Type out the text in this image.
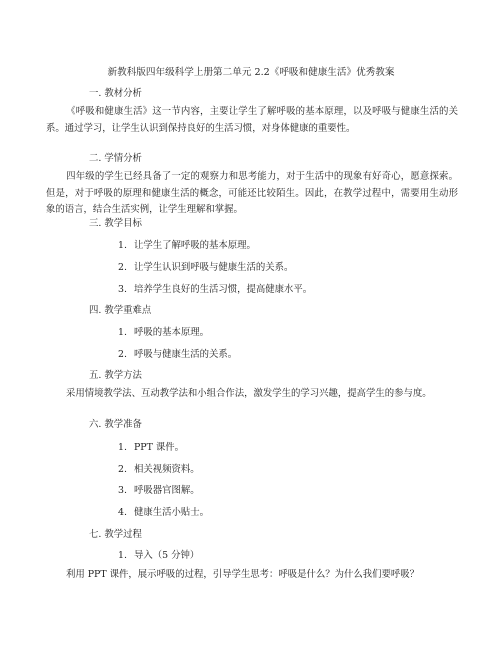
新教科版四年级科学上册第二单元 2.2《呼吸和健康生活》优秀教案
一. 教材分析
《呼吸和健康生活》这一节内容，主要让学生了解呼吸的基本原理，以及呼吸与健康生活的关系。通过学习，让学生认识到保持良好的生活习惯，对身体健康的重要性。
二. 学情分析
四年级的学生已经具备了一定的观察力和思考能力，对于生活中的现象有好奇心，愿意探索。但是，对于呼吸的原理和健康生活的概念，可能还比较陌生。因此，在教学过程中，需要用生动形象的语言，结合生活实例，让学生理解和掌握。
三. 教学目标
1. 让学生了解呼吸的基本原理。
2. 让学生认识到呼吸与健康生活的关系。
3. 培养学生良好的生活习惯，提高健康水平。
四. 教学重难点
1. 呼吸的基本原理。
2. 呼吸与健康生活的关系。
五. 教学方法
采用情境教学法、互动教学法和小组合作法，激发学生的学习兴趣，提高学生的参与度。
六. 教学准备
1. PPT 课件。
2. 相关视频资料。
3. 呼吸器官图解。
4. 健康生活小贴士。
七. 教学过程
1. 导入（5 分钟）
利用 PPT 课件，展示呼吸的过程，引导学生思考：呼吸是什么？为什么我们要呼吸？
